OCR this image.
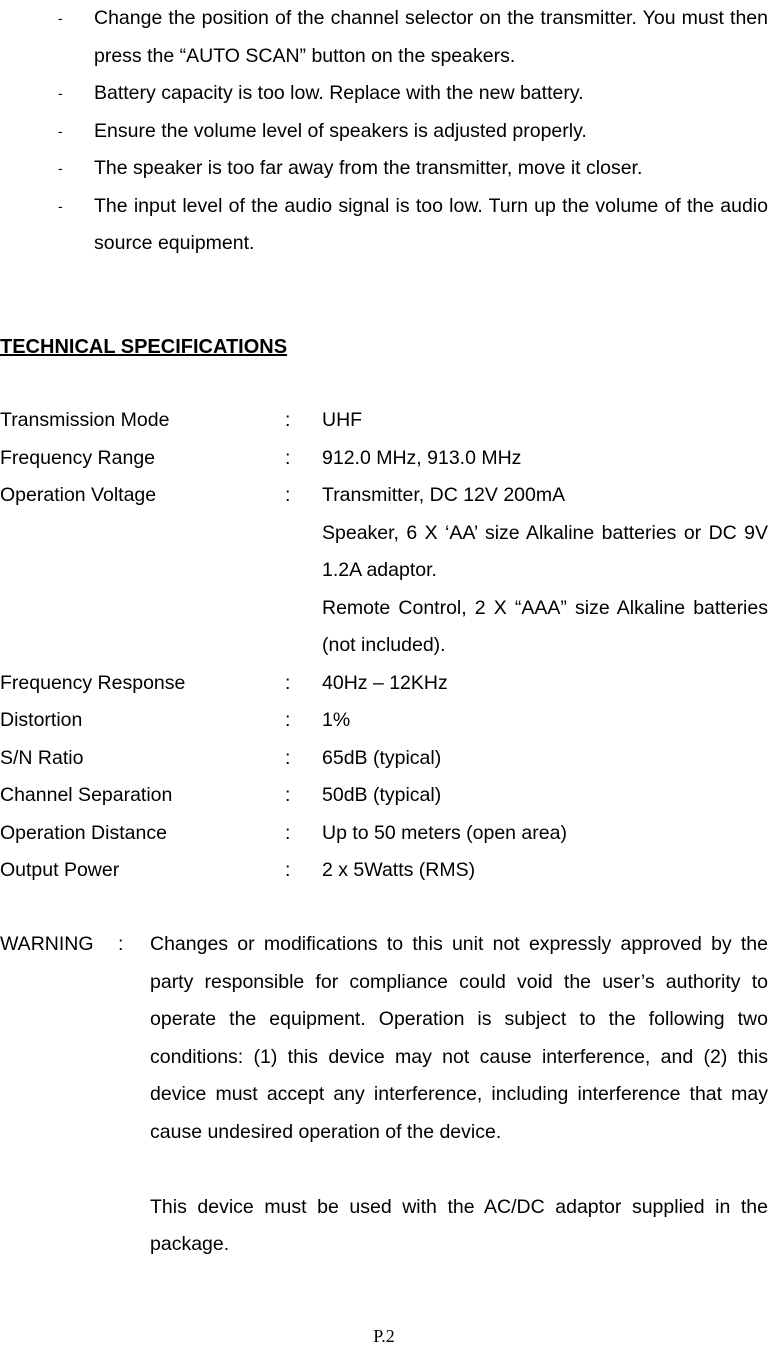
- Change the position of the channel selector on the transmitter. You must then press the “AUTO SCAN” button on the speakers.
- Battery capacity is too low. Replace with the new battery.
- Ensure the volume level of speakers is adjusted properly.
- The speaker is too far away from the transmitter, move it closer.
- The input level of the audio signal is too low. Turn up the volume of the audio source equipment.
TECHNICAL SPECIFICATIONS
Transmission Mode	:	UHF
Frequency Range	:	912.0 MHz, 913.0 MHz
Operation Voltage	:	Transmitter, DC 12V 200mA
Speaker, 6 X ‘AA’ size Alkaline batteries or DC 9V 1.2A adaptor.
Remote Control, 2 X “AAA” size Alkaline batteries (not included).
Frequency Response	:	40Hz – 12KHz
Distortion	:	1%
S/N Ratio	:	65dB (typical)
Channel Separation	:	50dB (typical)
Operation Distance	:	Up to 50 meters (open area)
Output Power	:	2 x 5Watts (RMS)
WARNING	:	Changes or modifications to this unit not expressly approved by the party responsible for compliance could void the user’s authority to operate the equipment. Operation is subject to the following two conditions: (1) this device may not cause interference, and (2) this device must accept any interference, including interference that may cause undesired operation of the device.
This device must be used with the AC/DC adaptor supplied in the package.
P.2
